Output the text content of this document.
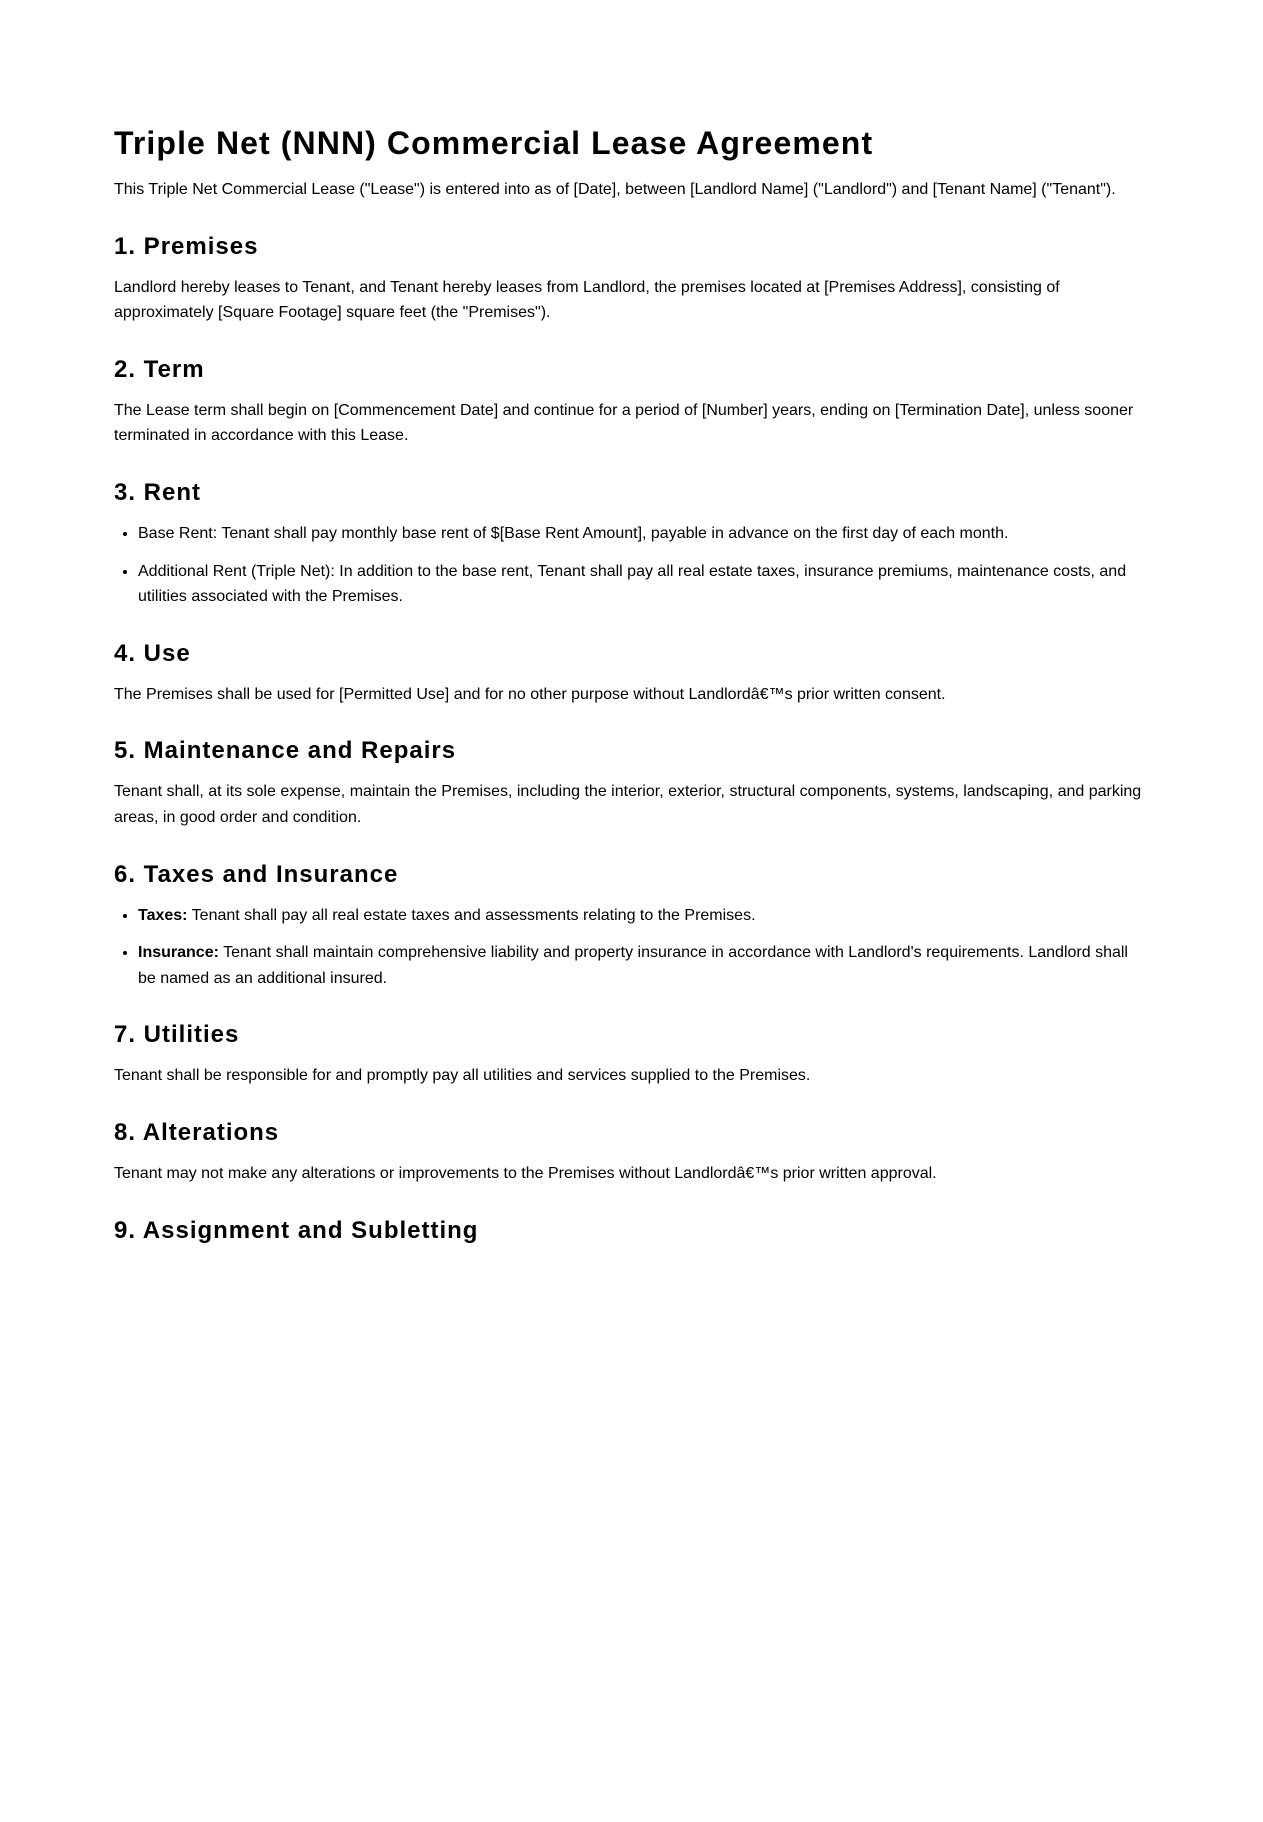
Triple Net (NNN) Commercial Lease Agreement

This Triple Net Commercial Lease ("Lease") is entered into as of [Date], between [Landlord Name] ("Landlord") and [Tenant Name] ("Tenant").

1. Premises

Landlord hereby leases to Tenant, and Tenant hereby leases from Landlord, the premises located at [Premises Address], consisting of approximately [Square Footage] square feet (the "Premises").

2. Term

The Lease term shall begin on [Commencement Date] and continue for a period of [Number] years, ending on [Termination Date], unless sooner terminated in accordance with this Lease.

3. Rent
• Base Rent: Tenant shall pay monthly base rent of $[Base Rent Amount], payable in advance on the first day of each month.
• Additional Rent (Triple Net): In addition to the base rent, Tenant shall pay all real estate taxes, insurance premiums, maintenance costs, and utilities associated with the Premises.
4. Use

The Premises shall be used for [Permitted Use] and for no other purpose without Landlordâ€™s prior written consent.

5. Maintenance and Repairs

Tenant shall, at its sole expense, maintain the Premises, including the interior, exterior, structural components, systems, landscaping, and parking areas, in good order and condition.

6. Taxes and Insurance
• Taxes: Tenant shall pay all real estate taxes and assessments relating to the Premises.
• Insurance: Tenant shall maintain comprehensive liability and property insurance in accordance with Landlord's requirements. Landlord shall be named as an additional insured.
7. Utilities

Tenant shall be responsible for and promptly pay all utilities and services supplied to the Premises.

8. Alterations

Tenant may not make any alterations or improvements to the Premises without Landlordâ€™s prior written approval.

9. Assignment and Subletting
